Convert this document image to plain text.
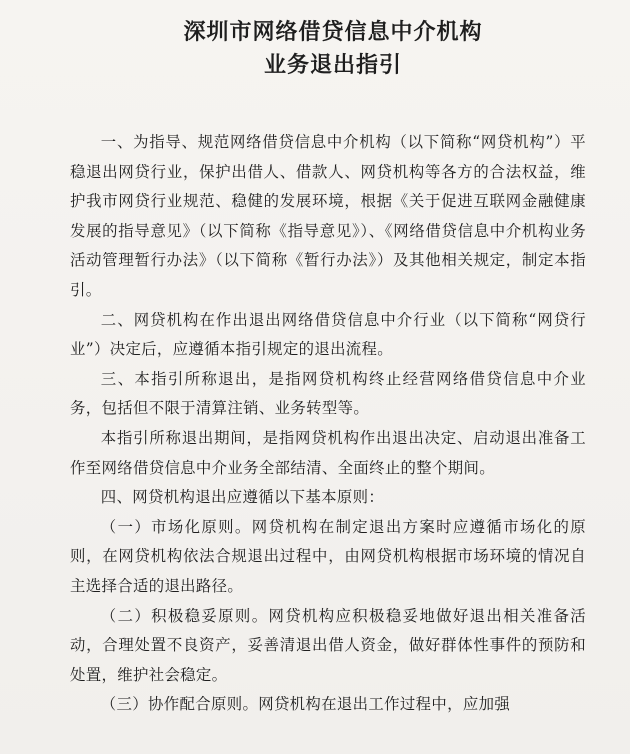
深圳市网络借贷信息中介机构
业务退出指引

一、为指导、规范网络借贷信息中介机构（以下简称“网贷机构”）平稳退出网贷行业，保护出借人、借款人、网贷机构等各方的合法权益，维护我市网贷行业规范、稳健的发展环境，根据《关于促进互联网金融健康发展的指导意见》（以下简称《指导意见》）、《网络借贷信息中介机构业务活动管理暂行办法》（以下简称《暂行办法》）及其他相关规定，制定本指引。

二、网贷机构在作出退出网络借贷信息中介行业（以下简称“网贷行业”）决定后，应遵循本指引规定的退出流程。

三、本指引所称退出，是指网贷机构终止经营网络借贷信息中介业务，包括但不限于清算注销、业务转型等。

本指引所称退出期间，是指网贷机构作出退出决定、启动退出准备工作至网络借贷信息中介业务全部结清、全面终止的整个期间。

四、网贷机构退出应遵循以下基本原则：

（一）市场化原则。网贷机构在制定退出方案时应遵循市场化的原则，在网贷机构依法合规退出过程中，由网贷机构根据市场环境的情况自主选择合适的退出路径。

（二）积极稳妥原则。网贷机构应积极稳妥地做好退出相关准备活动，合理处置不良资产，妥善清退出借人资金，做好群体性事件的预防和处置，维护社会稳定。

（三）协作配合原则。网贷机构在退出工作过程中，应加强
